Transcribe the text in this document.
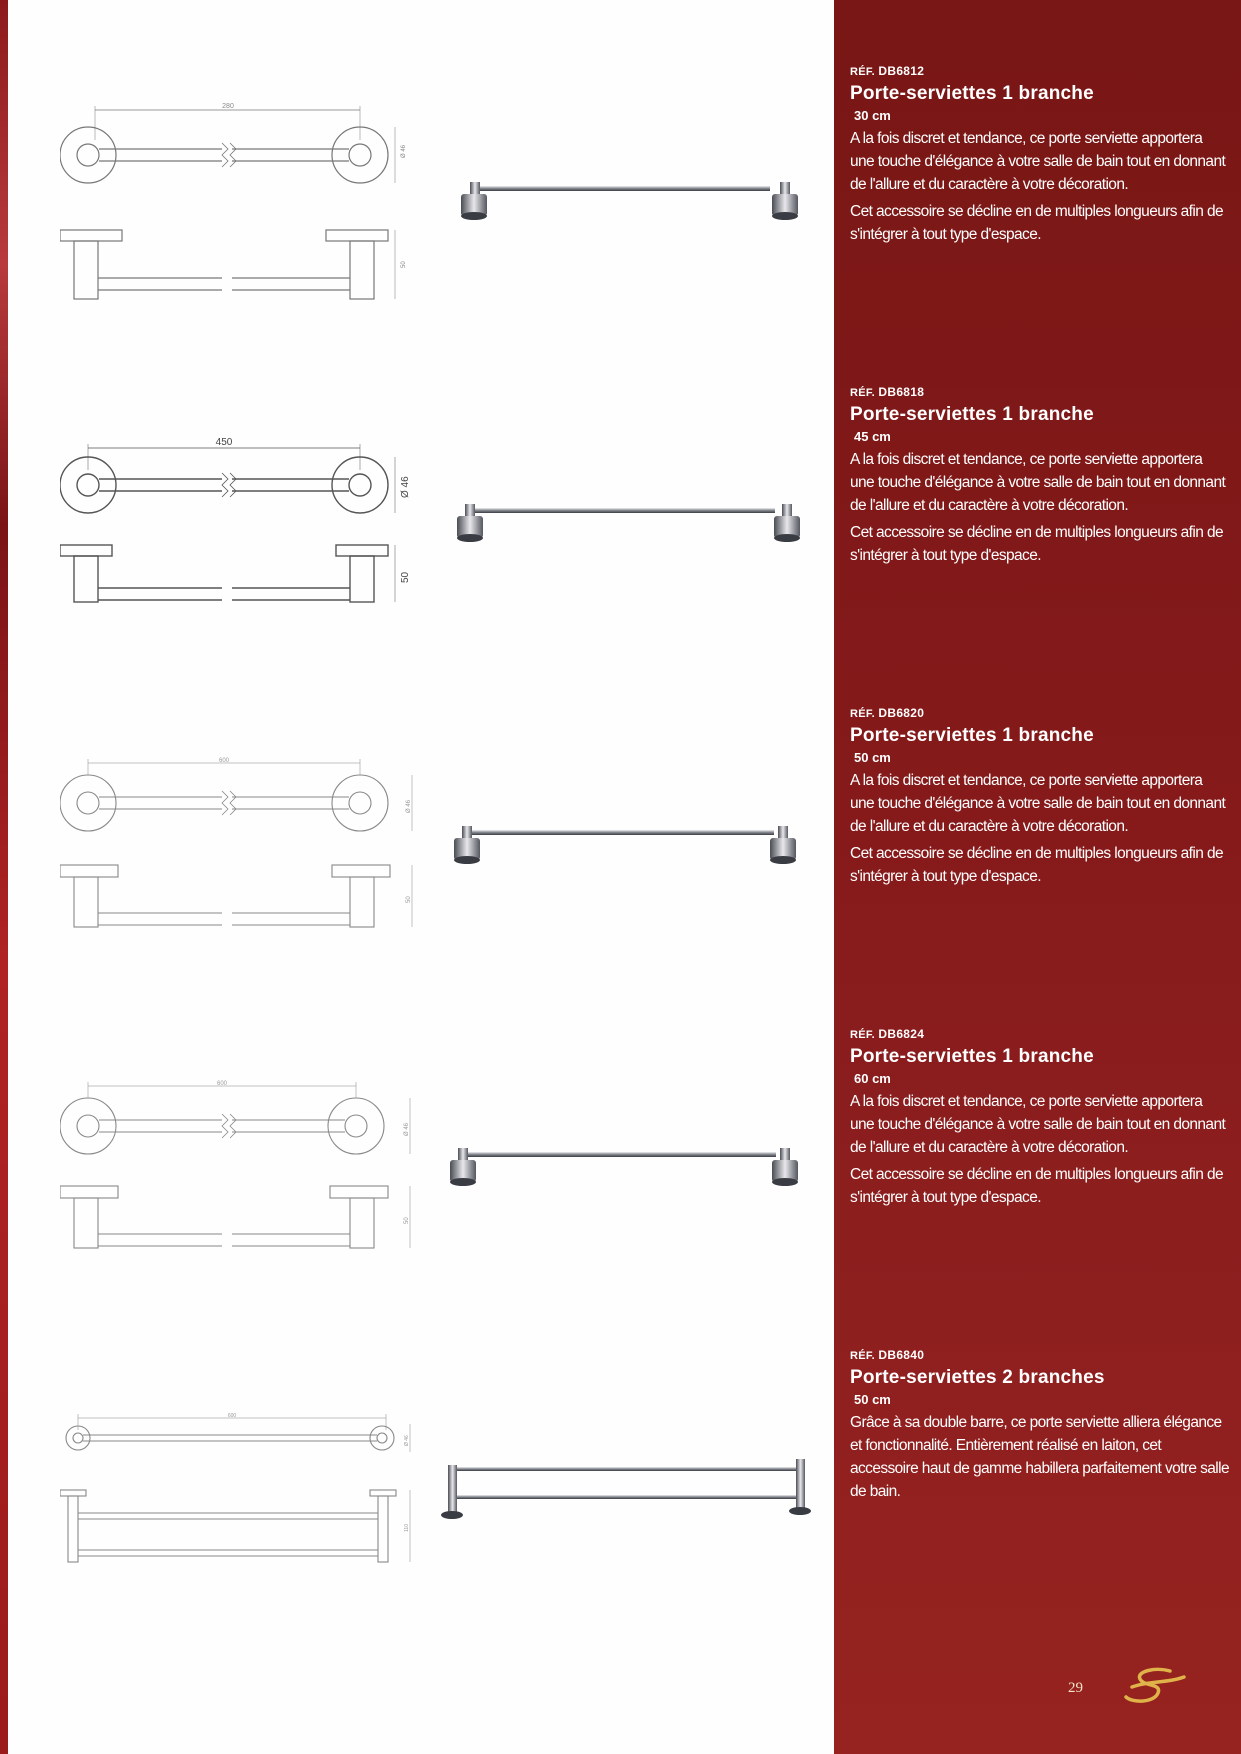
280
Ø 46
50
RÉF. DB6812
Porte-serviettes 1 branche
30 cm
A la fois discret et tendance, ce porte serviette apportera une touche d'élégance à votre salle de bain tout en donnant de l'allure et du caractère à votre décoration.
Cet accessoire se décline en de multiples longueurs afin de s'intégrer à tout type d'espace.
450
Ø 46
50
RÉF. DB6818
Porte-serviettes 1 branche
45 cm
A la fois discret et tendance, ce porte serviette apportera une touche d'élégance à votre salle de bain tout en donnant de l'allure et du caractère à votre décoration.
Cet accessoire se décline en de multiples longueurs afin de s'intégrer à tout type d'espace.
600
Ø 46
50
RÉF. DB6820
Porte-serviettes 1 branche
50 cm
A la fois discret et tendance, ce porte serviette apportera une touche d'élégance à votre salle de bain tout en donnant de l'allure et du caractère à votre décoration.
Cet accessoire se décline en de multiples longueurs afin de s'intégrer à tout type d'espace.
600
Ø 46
50
RÉF. DB6824
Porte-serviettes 1 branche
60 cm
A la fois discret et tendance, ce porte serviette apportera une touche d'élégance à votre salle de bain tout en donnant de l'allure et du caractère à votre décoration.
Cet accessoire se décline en de multiples longueurs afin de s'intégrer à tout type d'espace.
600
Ø 46
110
RÉF. DB6840
Porte-serviettes 2 branches
50 cm
Grâce à sa double barre, ce porte serviette alliera élégance et fonctionnalité. Entièrement réalisé en laiton, cet accessoire haut de gamme habillera parfaitement votre salle de bain.
29
